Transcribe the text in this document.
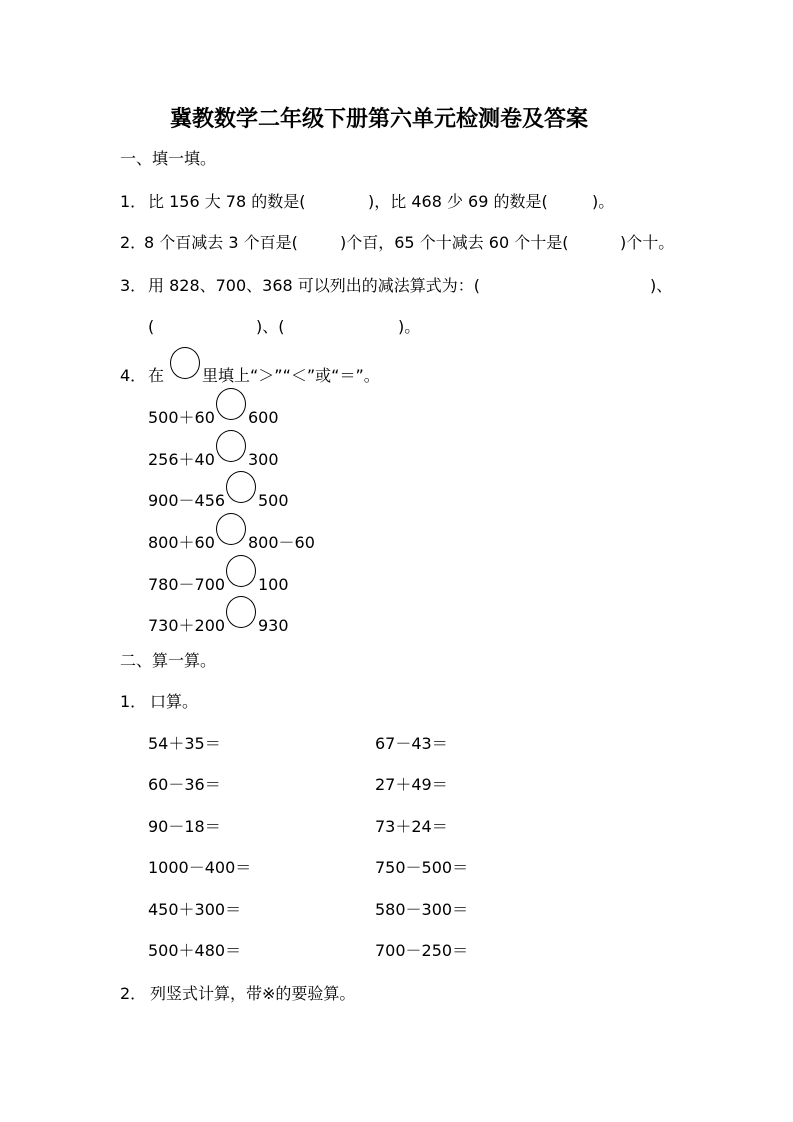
冀教数学二年级下册第六单元检测卷及答案
一、填一填。
1． 比 156 大 78 的数是(	)，比 468 少 69 的数是(	)。
2．
8 个百减去 3 个百是(	)个百，65 个十减去 60 个十是(	)个十。
3． 用 828、700、368 可以列出的减法算式为：(	)、
(	)、(	)。
4． 在 里填上“＞”“＜”或“＝”。
500＋60 600
256＋40 300
900－456 500
800＋60 800－60
780－700 100
730＋200 930
二、算一算。
1． 口算。
54＋35＝	67－43＝
60－36＝	27＋49＝
90－18＝	73＋24＝
1000－400＝	750－500＝
450＋300＝	580－300＝
500＋480＝	700－250＝
2． 列竖式计算，带※的要验算。
